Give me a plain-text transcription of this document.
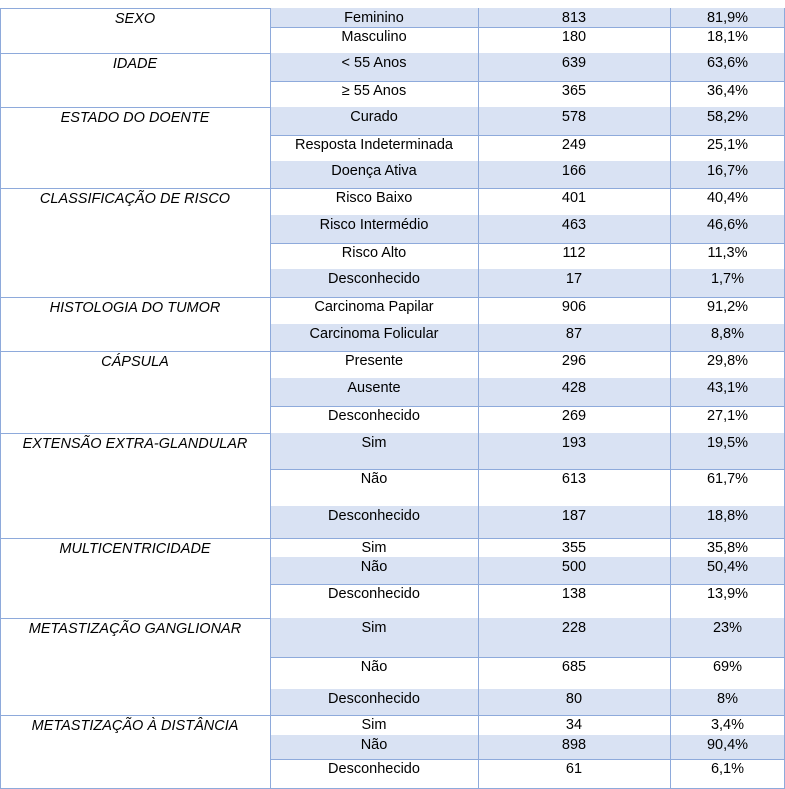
SEXO	Feminino	813	81,9%
Masculino	180	18,1%
IDADE	< 55 Anos	639	63,6%
≥ 55 Anos	365	36,4%
ESTADO DO DOENTE	Curado	578	58,2%
Resposta Indeterminada	249	25,1%
Doença Ativa	166	16,7%
CLASSIFICAÇÃO DE RISCO	Risco Baixo	401	40,4%
Risco Intermédio	463	46,6%
Risco Alto	112	11,3%
Desconhecido	17	1,7%
HISTOLOGIA DO TUMOR	Carcinoma Papilar	906	91,2%
Carcinoma Folicular	87	8,8%
CÁPSULA	Presente	296	29,8%
Ausente	428	43,1%
Desconhecido	269	27,1%
EXTENSÃO EXTRA-GLANDULAR	Sim	193	19,5%
Não	613	61,7%
Desconhecido	187	18,8%
MULTICENTRICIDADE	Sim	355	35,8%
Não	500	50,4%
Desconhecido	138	13,9%
METASTIZAÇÃO GANGLIONAR	Sim	228	23%
Não	685	69%
Desconhecido	80	8%
METASTIZAÇÃO À DISTÂNCIA	Sim	34	3,4%
Não	898	90,4%
Desconhecido	61	6,1%
